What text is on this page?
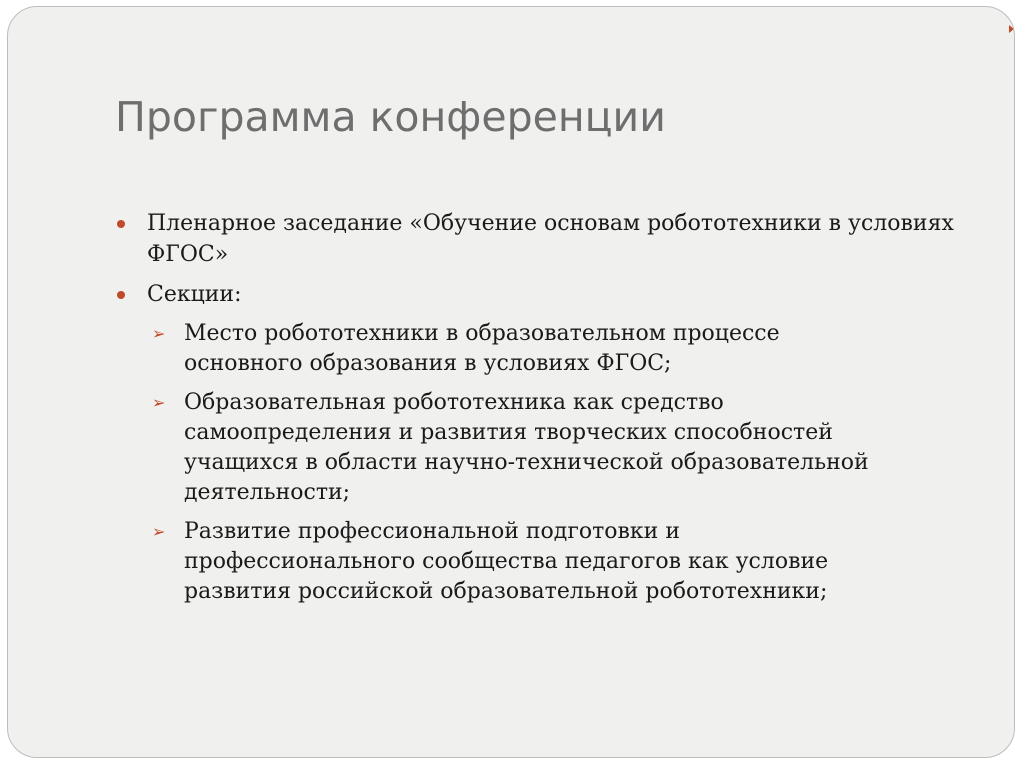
Программа конференции
Пленарное заседание «Обучение основам робототехники в условиях ФГОС»
Секции:
➢ Место робототехники в образовательном процессе основного образования в условиях ФГОС;
➢ Образовательная робототехника как средство самоопределения и развития творческих способностей учащихся в области научно-технической образовательной деятельности;
➢ Развитие профессиональной подготовки и профессионального сообщества педагогов как условие развития российской образовательной робототехники;
